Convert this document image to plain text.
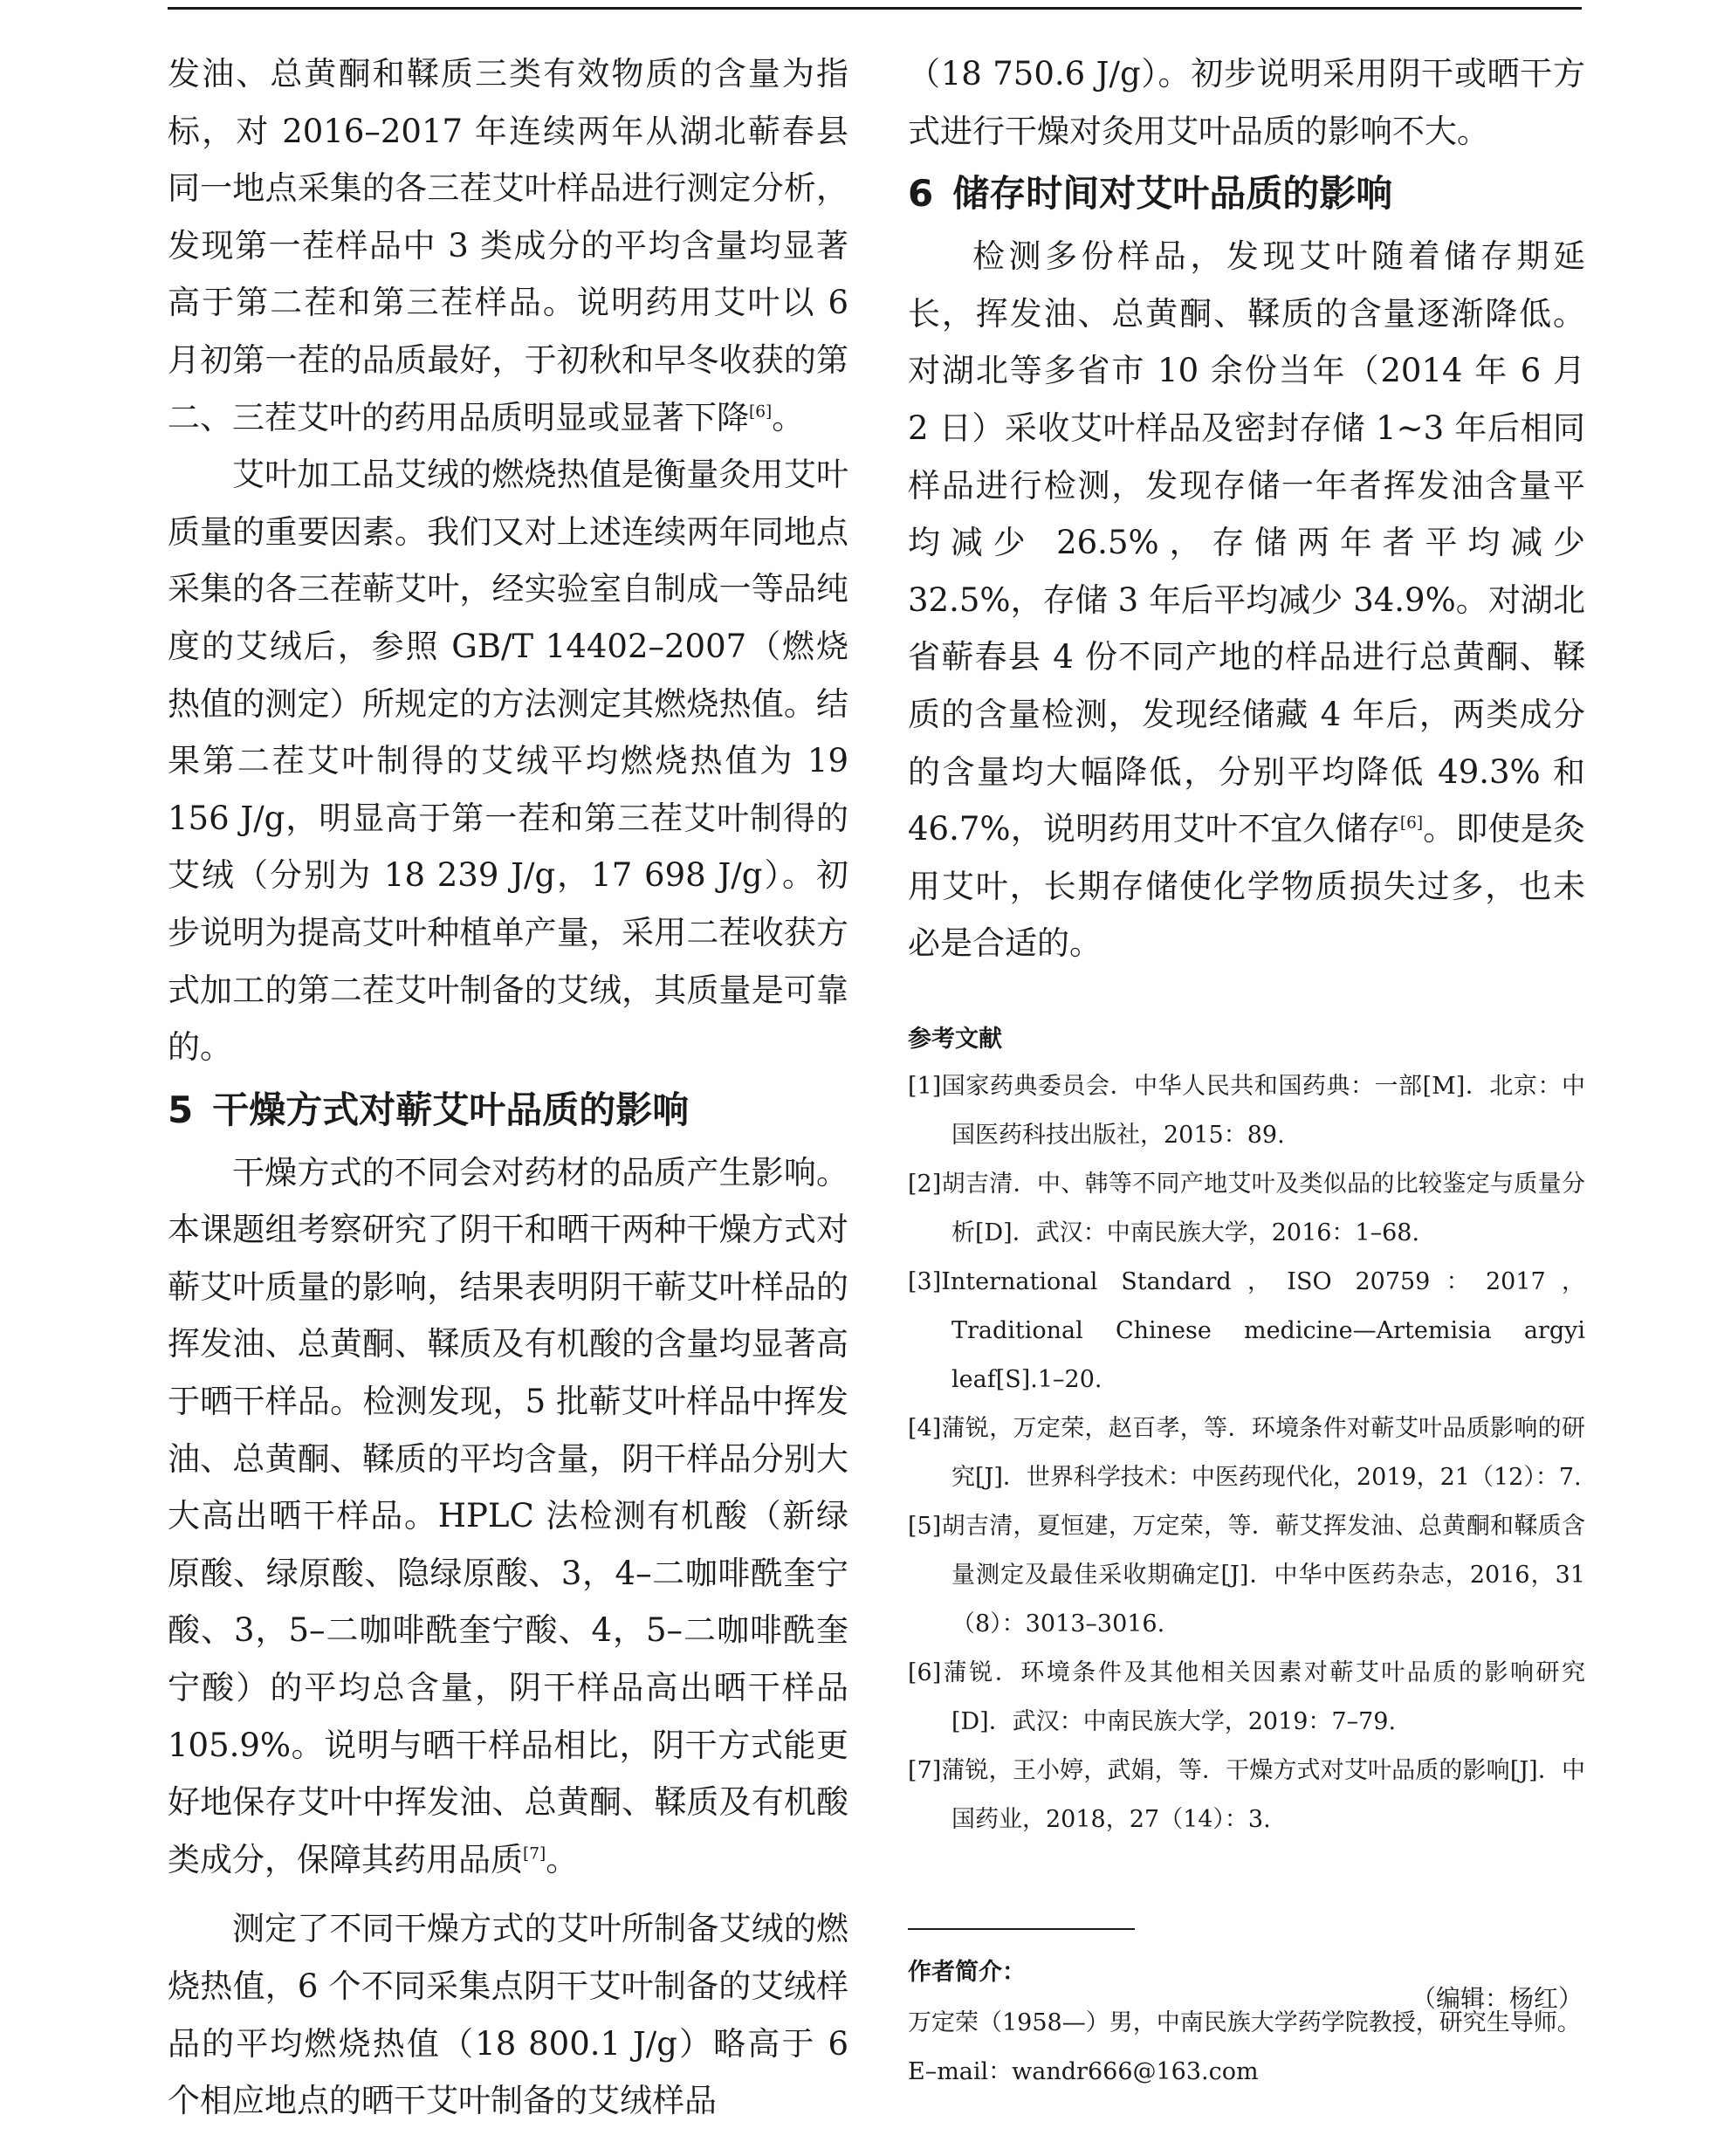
发油、总黄酮和鞣质三类有效物质的含量为指标，对 2016–2017 年连续两年从湖北蕲春县同一地点采集的各三茬艾叶样品进行测定分析，发现第一茬样品中 3 类成分的平均含量均显著高于第二茬和第三茬样品。说明药用艾叶以 6 月初第一茬的品质最好，于初秋和早冬收获的第二、三茬艾叶的药用品质明显或显著下降[6]。

艾叶加工品艾绒的燃烧热值是衡量灸用艾叶质量的重要因素。我们又对上述连续两年同地点采集的各三茬蕲艾叶，经实验室自制成一等品纯度的艾绒后，参照 GB/T 14402–2007（燃烧热值的测定）所规定的方法测定其燃烧热值。结果第二茬艾叶制得的艾绒平均燃烧热值为 19 156 J/g，明显高于第一茬和第三茬艾叶制得的艾绒（分别为 18 239 J/g，17 698 J/g）。初步说明为提高艾叶种植单产量，采用二茬收获方式加工的第二茬艾叶制备的艾绒，其质量是可靠的。

5 干燥方式对蕲艾叶品质的影响

干燥方式的不同会对药材的品质产生影响。本课题组考察研究了阴干和晒干两种干燥方式对蕲艾叶质量的影响，结果表明阴干蕲艾叶样品的挥发油、总黄酮、鞣质及有机酸的含量均显著高于晒干样品。检测发现，5 批蕲艾叶样品中挥发油、总黄酮、鞣质的平均含量，阴干样品分别大大高出晒干样品。HPLC 法检测有机酸（新绿原酸、绿原酸、隐绿原酸、3，4–二咖啡酰奎宁酸、3，5–二咖啡酰奎宁酸、4，5–二咖啡酰奎宁酸）的平均总含量，阴干样品高出晒干样品 105.9%。说明与晒干样品相比，阴干方式能更好地保存艾叶中挥发油、总黄酮、鞣质及有机酸类成分，保障其药用品质[7]。

测定了不同干燥方式的艾叶所制备艾绒的燃烧热值，6 个不同采集点阴干艾叶制备的艾绒样品的平均燃烧热值（18 800.1 J/g）略高于 6 个相应地点的晒干艾叶制备的艾绒样品

（18 750.6 J/g）。初步说明采用阴干或晒干方式进行干燥对灸用艾叶品质的影响不大。

6 储存时间对艾叶品质的影响

检测多份样品，发现艾叶随着储存期延长，挥发油、总黄酮、鞣质的含量逐渐降低。对湖北等多省市 10 余份当年（2014 年 6 月 2 日）采收艾叶样品及密封存储 1~3 年后相同样品进行检测，发现存储一年者挥发油含量平均减少 26.5%，存储两年者平均减少 32.5%，存储 3 年后平均减少 34.9%。对湖北省蕲春县 4 份不同产地的样品进行总黄酮、鞣质的含量检测，发现经储藏 4 年后，两类成分的含量均大幅降低，分别平均降低 49.3% 和 46.7%，说明药用艾叶不宜久储存[6]。即使是灸用艾叶，长期存储使化学物质损失过多，也未必是合适的。

参考文献
[1]国家药典委员会．中华人民共和国药典：一部[M]．北京：中国医药科技出版社，2015：89.
[2]胡吉清．中、韩等不同产地艾叶及类似品的比较鉴定与质量分析[D]．武汉：中南民族大学，2016：1–68.
[3]International Standard，ISO 20759：2017，Traditional Chinese medicine—Artemisia argyi leaf[S].1–20.
[4]蒲锐，万定荣，赵百孝，等．环境条件对蕲艾叶品质影响的研究[J]．世界科学技术：中医药现代化，2019，21（12）：7.
[5]胡吉清，夏恒建，万定荣，等．蕲艾挥发油、总黄酮和鞣质含量测定及最佳采收期确定[J]．中华中医药杂志，2016，31（8）：3013–3016.
[6]蒲锐．环境条件及其他相关因素对蕲艾叶品质的影响研究[D]．武汉：中南民族大学，2019：7–79.
[7]蒲锐，王小婷，武娟，等．干燥方式对艾叶品质的影响[J]．中国药业，2018，27（14）：3.
作者简介：

万定荣（1958—）男，中南民族大学药学院教授，研究生导师。

E–mail：wandr666@163.com

（编辑：杨红）
